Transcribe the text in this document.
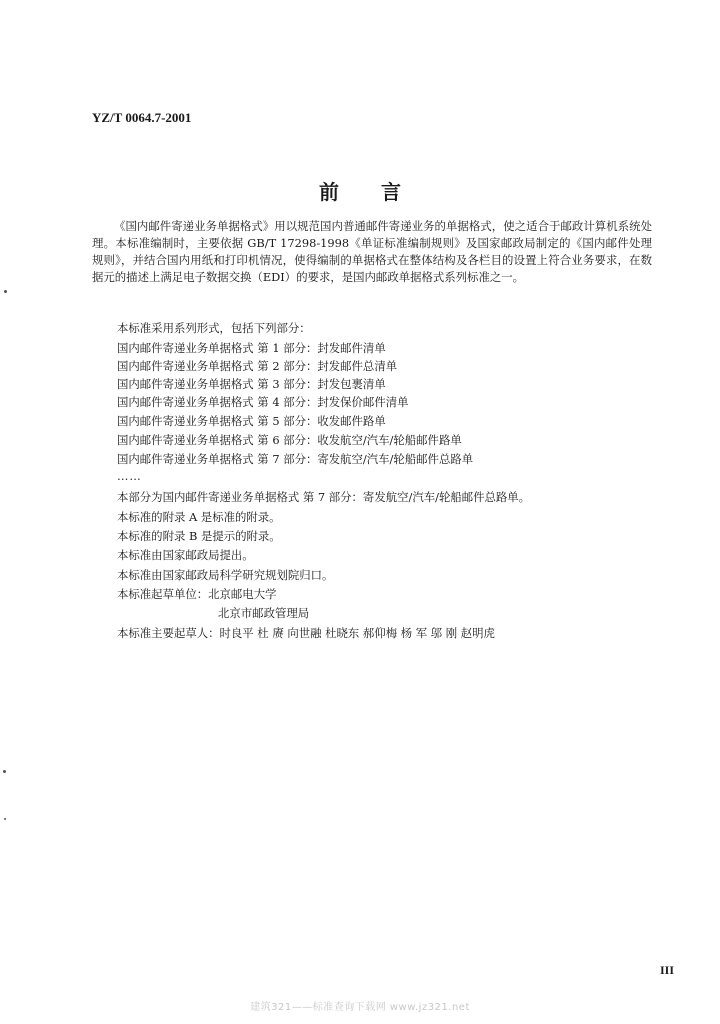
YZ/T 0064.7-2001
前言
《国内邮件寄递业务单据格式》用以规范国内普通邮件寄递业务的单据格式，使之适合于邮政计算机系统处理。本标准编制时，主要依据 GB/T 17298-1998《单证标准编制规则》及国家邮政局制定的《国内邮件处理规则》，并结合国内用纸和打印机情况，使得编制的单据格式在整体结构及各栏目的设置上符合业务要求，在数据元的描述上满足电子数据交换（EDI）的要求，是国内邮政单据格式系列标准之一。
本标准采用系列形式，包括下列部分：
国内邮件寄递业务单据格式 第 1 部分：封发邮件清单
国内邮件寄递业务单据格式 第 2 部分：封发邮件总清单
国内邮件寄递业务单据格式 第 3 部分：封发包裹清单
国内邮件寄递业务单据格式 第 4 部分：封发保价邮件清单
国内邮件寄递业务单据格式 第 5 部分：收发邮件路单
国内邮件寄递业务单据格式 第 6 部分：收发航空/汽车/轮船邮件路单
国内邮件寄递业务单据格式 第 7 部分：寄发航空/汽车/轮船邮件总路单
……
本部分为国内邮件寄递业务单据格式 第 7 部分：寄发航空/汽车/轮船邮件总路单。
本标准的附录 A 是标准的附录。
本标准的附录 B 是提示的附录。
本标准由国家邮政局提出。
本标准由国家邮政局科学研究规划院归口。
本标准起草单位：北京邮电大学
北京市邮政管理局
本标准主要起草人：时良平 杜 赓 向世融 杜晓东 郝仰梅 杨 军 邬 刚 赵明虎
III
建筑321——标准查询下载网 www.jz321.net
